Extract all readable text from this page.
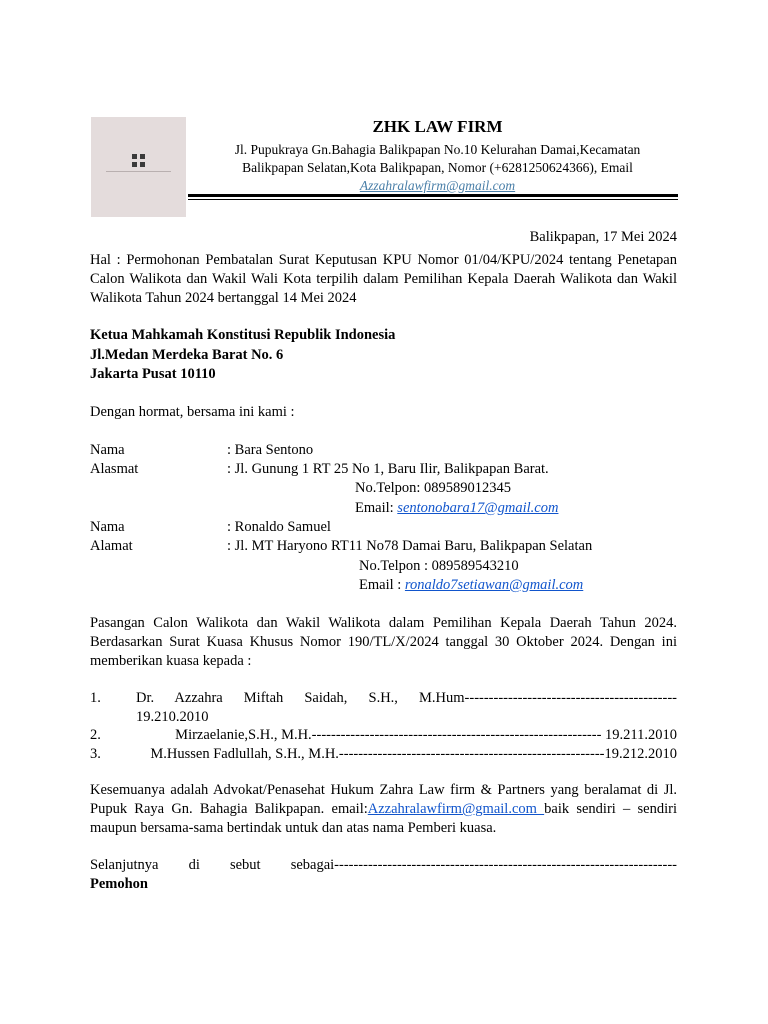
ZHK LAW FIRM
Jl. Pupukraya Gn.Bahagia Balikpapan No.10 Kelurahan Damai,Kecamatan
Balikpapan Selatan,Kota Balikpapan, Nomor (+6281250624366), Email
Azzahralawfirm@gmail.com
Balikpapan, 17 Mei 2024
Hal : Permohonan Pembatalan Surat Keputusan KPU Nomor 01/04/KPU/2024 tentang Penetapan Calon Walikota dan Wakil Wali Kota terpilih dalam Pemilihan Kepala Daerah Walikota dan Wakil Walikota Tahun 2024 bertanggal 14 Mei 2024
Ketua Mahkamah Konstitusi Republik Indonesia
Jl.Medan Merdeka Barat No. 6
Jakarta Pusat 10110
Dengan hormat, bersama ini kami :
Nama	: Bara Sentono
Alasmat	: Jl. Gunung 1 RT 25 No 1, Baru Ilir, Balikpapan Barat.
No.Telpon: 089589012345
Email: sentonobara17@gmail.com
Nama	: Ronaldo Samuel
Alamat	: Jl. MT Haryono RT11 No78 Damai Baru, Balikpapan Selatan
No.Telpon : 089589543210
Email : ronaldo7setiawan@gmail.com
Pasangan Calon Walikota dan Wakil Walikota dalam Pemilihan Kepala Daerah Tahun 2024. Berdasarkan Surat Kuasa Khusus Nomor 190/TL/X/2024 tanggal 30 Oktober 2024. Dengan ini memberikan kuasa kepada :
1. Dr. Azzahra Miftah Saidah, S.H., M.Hum--------------------------------------------
19.210.2010
2.	Mirzaelanie,S.H., M.H.------------------------------------------------------------ 19.211.2010
3.	M.Hussen Fadlullah, S.H., M.H.-------------------------------------------------------19.212.2010
Kesemuanya adalah Advokat/Penasehat Hukum Zahra Law firm & Partners yang beralamat di Jl. Pupuk Raya Gn. Bahagia Balikpapan. email:Azzahralawfirm@gmail.com baik sendiri – sendiri maupun bersama-sama bertindak untuk dan atas nama Pemberi kuasa.
Selanjutnya di sebut sebagai-----------------------------------------------------------------------
Pemohon
